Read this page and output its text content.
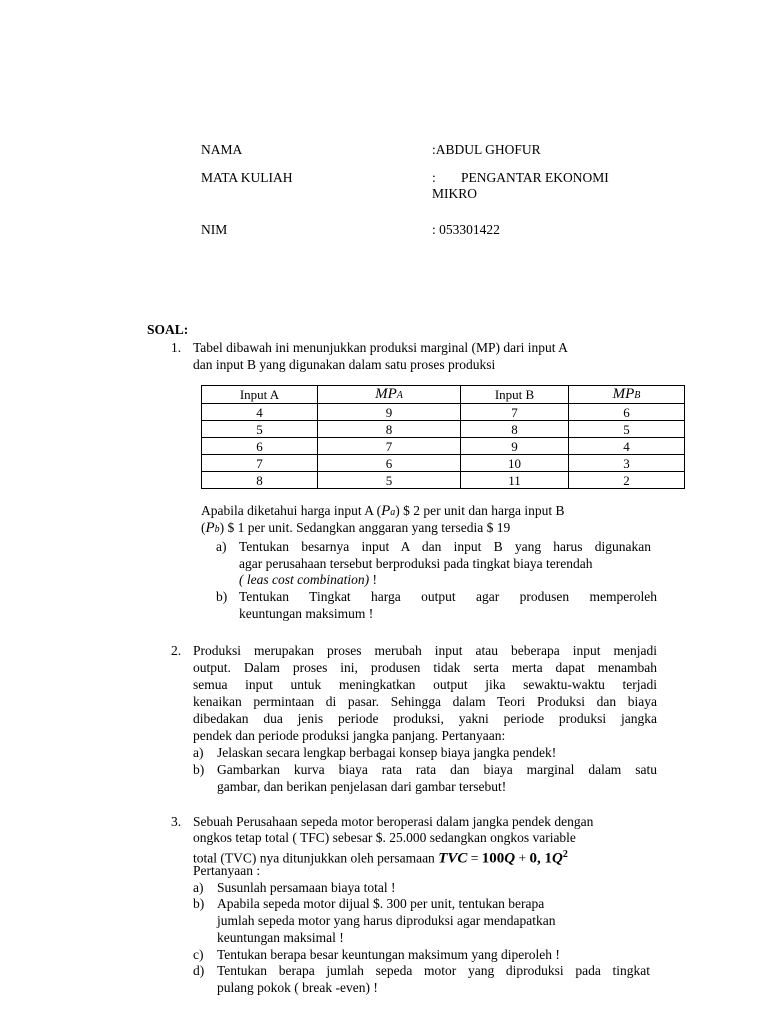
NAMA	:ABDUL GHOFUR
MATA KULIAH	: PENGANTAR EKONOMI
MIKRO
NIM	: 053301422
SOAL:
1. Tabel dibawah ini menunjukkan produksi marginal (MP) dari input A
dan input B yang digunakan dalam satu proses produksi
Input A	MPA	Input B	MPB
4	9	7	6
5	8	8	5
6	7	9	4
7	6	10	3
8	5	11	2
Apabila diketahui harga input A (Pa) $ 2 per unit dan harga input B
(Pb) $ 1 per unit. Sedangkan anggaran yang tersedia $ 19
a) Tentukan besarnya input A dan input B yang harus digunakan
agar perusahaan tersebut berproduksi pada tingkat biaya terendah
( leas cost combination) !
b) Tentukan Tingkat harga output agar produsen memperoleh
keuntungan maksimum !
2. Produksi merupakan proses merubah input atau beberapa input menjadi
output. Dalam proses ini, produsen tidak serta merta dapat menambah
semua input untuk meningkatkan output jika sewaktu-waktu terjadi
kenaikan permintaan di pasar. Sehingga dalam Teori Produksi dan biaya
dibedakan dua jenis periode produksi, yakni periode produksi jangka
pendek dan periode produksi jangka panjang. Pertanyaan:
a) Jelaskan secara lengkap berbagai konsep biaya jangka pendek!
b) Gambarkan kurva biaya rata rata dan biaya marginal dalam satu
gambar, dan berikan penjelasan dari gambar tersebut!
3. Sebuah Perusahaan sepeda motor beroperasi dalam jangka pendek dengan
ongkos tetap total ( TFC) sebesar $. 25.000 sedangkan ongkos variable
total (TVC) nya ditunjukkan oleh persamaan TVC = 100Q + 0, $1Q^2$
Pertanyaan :
a) Susunlah persamaan biaya total !
b) Apabila sepeda motor dijual $. 300 per unit, tentukan berapa
jumlah sepeda motor yang harus diproduksi agar mendapatkan
keuntungan maksimal !
c) Tentukan berapa besar keuntungan maksimum yang diperoleh !
d) Tentukan berapa jumlah sepeda motor yang diproduksi pada tingkat
pulang pokok ( break -even) !
